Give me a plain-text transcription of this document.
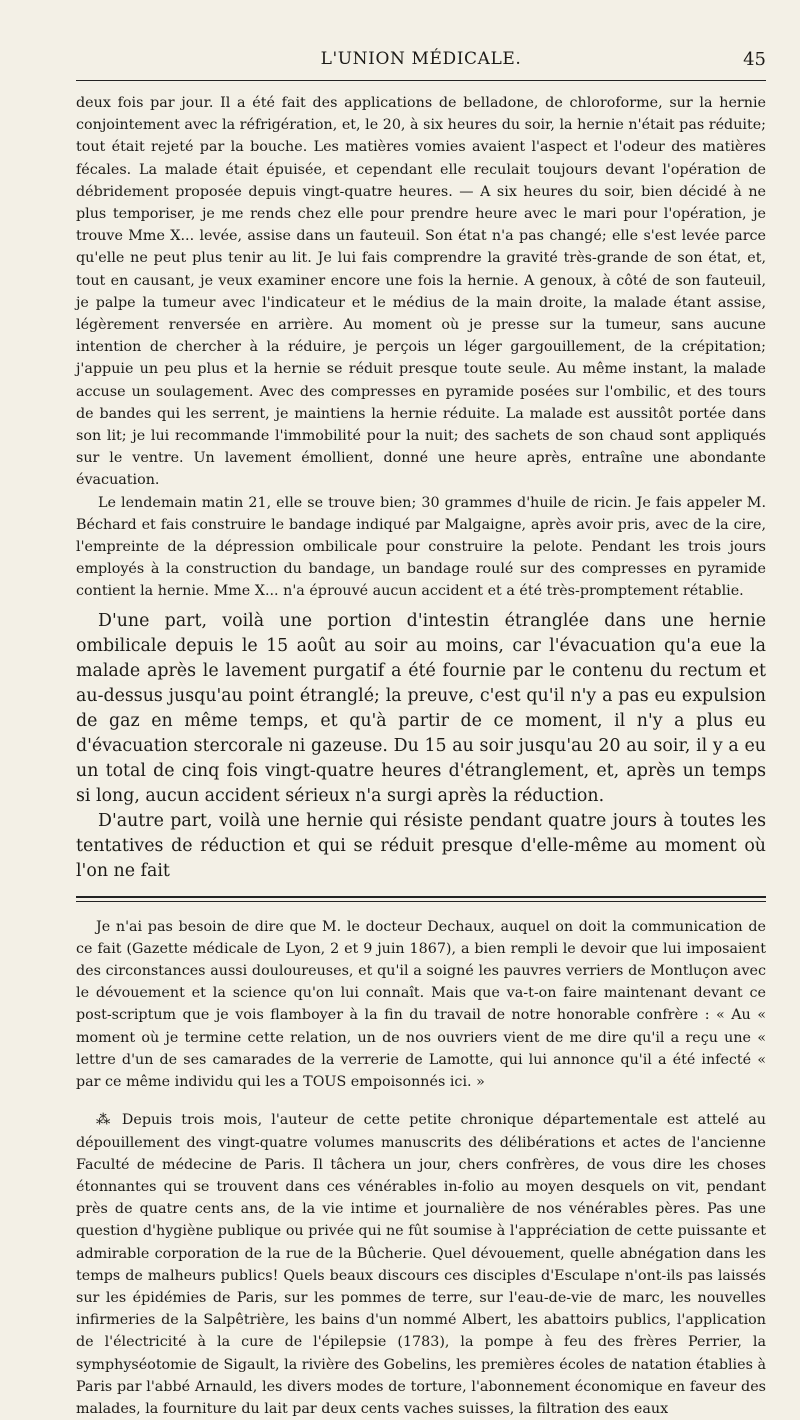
L'UNION MÉDICALE.	45

deux fois par jour. Il a été fait des applications de belladone, de chloroforme, sur la hernie conjointement avec la réfrigération, et, le 20, à six heures du soir, la hernie n'était pas réduite; tout était rejeté par la bouche. Les matières vomies avaient l'aspect et l'odeur des matières fécales. La malade était épuisée, et cependant elle reculait toujours devant l'opération de débridement proposée depuis vingt-quatre heures. — A six heures du soir, bien décidé à ne plus temporiser, je me rends chez elle pour prendre heure avec le mari pour l'opération, je trouve Mme X... levée, assise dans un fauteuil. Son état n'a pas changé; elle s'est levée parce qu'elle ne peut plus tenir au lit. Je lui fais comprendre la gravité très-grande de son état, et, tout en causant, je veux examiner encore une fois la hernie. A genoux, à côté de son fauteuil, je palpe la tumeur avec l'indicateur et le médius de la main droite, la malade étant assise, légèrement renversée en arrière. Au moment où je presse sur la tumeur, sans aucune intention de chercher à la réduire, je perçois un léger gargouillement, de la crépitation; j'appuie un peu plus et la hernie se réduit presque toute seule. Au même instant, la malade accuse un soulagement. Avec des compresses en pyramide posées sur l'ombilic, et des tours de bandes qui les serrent, je maintiens la hernie réduite. La malade est aussitôt portée dans son lit; je lui recommande l'immobilité pour la nuit; des sachets de son chaud sont appliqués sur le ventre. Un lavement émollient, donné une heure après, entraîne une abondante évacuation.

Le lendemain matin 21, elle se trouve bien; 30 grammes d'huile de ricin. Je fais appeler M. Béchard et fais construire le bandage indiqué par Malgaigne, après avoir pris, avec de la cire, l'empreinte de la dépression ombilicale pour construire la pelote. Pendant les trois jours employés à la construction du bandage, un bandage roulé sur des compresses en pyramide contient la hernie. Mme X... n'a éprouvé aucun accident et a été très-promptement rétablie.

D'une part, voilà une portion d'intestin étranglée dans une hernie ombilicale depuis le 15 août au soir au moins, car l'évacuation qu'a eue la malade après le lavement purgatif a été fournie par le contenu du rectum et au-dessus jusqu'au point étranglé; la preuve, c'est qu'il n'y a pas eu expulsion de gaz en même temps, et qu'à partir de ce moment, il n'y a plus eu d'évacuation stercorale ni gazeuse. Du 15 au soir jusqu'au 20 au soir, il y a eu un total de cinq fois vingt-quatre heures d'étranglement, et, après un temps si long, aucun accident sérieux n'a surgi après la réduction.

D'autre part, voilà une hernie qui résiste pendant quatre jours à toutes les tentatives de réduction et qui se réduit presque d'elle-même au moment où l'on ne fait

Je n'ai pas besoin de dire que M. le docteur Dechaux, auquel on doit la communication de ce fait (Gazette médicale de Lyon, 2 et 9 juin 1867), a bien rempli le devoir que lui imposaient des circonstances aussi douloureuses, et qu'il a soigné les pauvres verriers de Montluçon avec le dévouement et la science qu'on lui connaît. Mais que va-t-on faire maintenant devant ce post-scriptum que je vois flamboyer à la fin du travail de notre honorable confrère : « Au « moment où je termine cette relation, un de nos ouvriers vient de me dire qu'il a reçu une « lettre d'un de ses camarades de la verrerie de Lamotte, qui lui annonce qu'il a été infecté « par ce même individu qui les a TOUS empoisonnés ici. »

⁂ Depuis trois mois, l'auteur de cette petite chronique départementale est attelé au dépouillement des vingt-quatre volumes manuscrits des délibérations et actes de l'ancienne Faculté de médecine de Paris. Il tâchera un jour, chers confrères, de vous dire les choses étonnantes qui se trouvent dans ces vénérables in-folio au moyen desquels on vit, pendant près de quatre cents ans, de la vie intime et journalière de nos vénérables pères. Pas une question d'hygiène publique ou privée qui ne fût soumise à l'appréciation de cette puissante et admirable corporation de la rue de la Bûcherie. Quel dévouement, quelle abnégation dans les temps de malheurs publics! Quels beaux discours ces disciples d'Esculape n'ont-ils pas laissés sur les épidémies de Paris, sur les pommes de terre, sur l'eau-de-vie de marc, les nouvelles infirmeries de la Salpêtrière, les bains d'un nommé Albert, les abattoirs publics, l'application de l'électricité à la cure de l'épilepsie (1783), la pompe à feu des frères Perrier, la symphyséotomie de Sigault, la rivière des Gobelins, les premières écoles de natation établies à Paris par l'abbé Arnauld, les divers modes de torture, l'abonnement économique en faveur des malades, la fourniture du lait par deux cents vaches suisses, la filtration des eaux
